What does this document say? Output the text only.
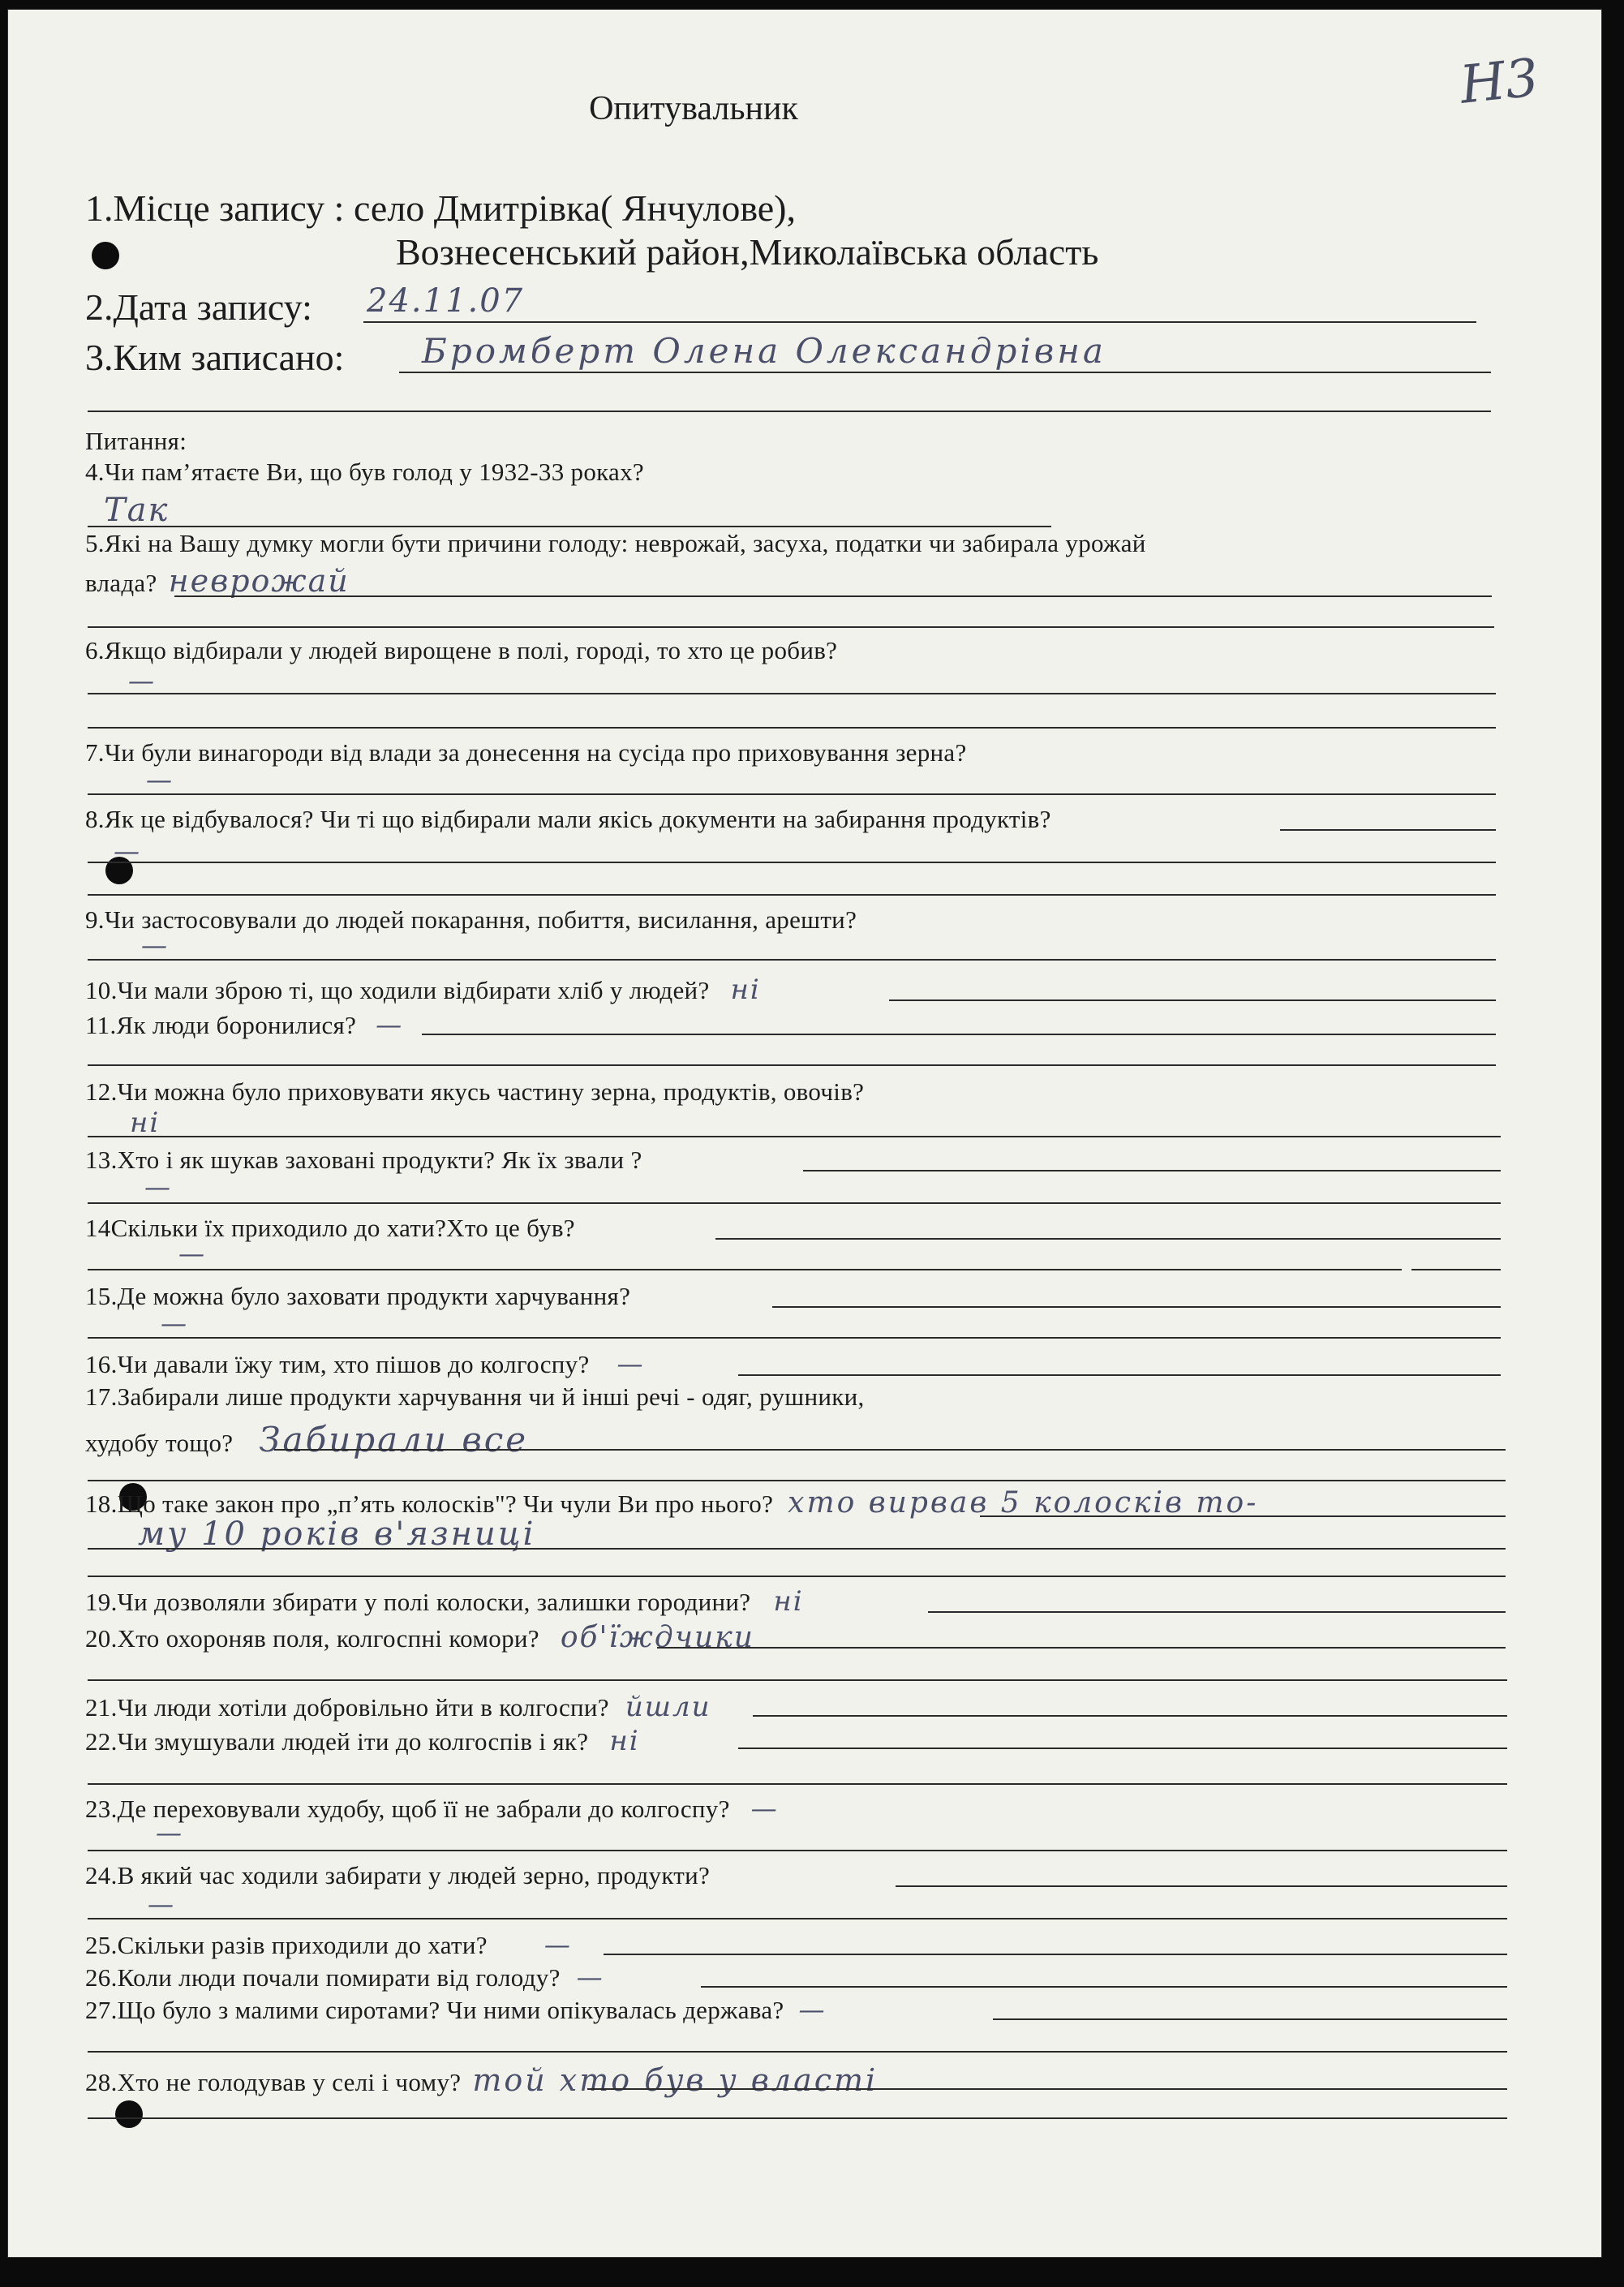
Опитувальник	Н3
1.Місце запису : село Дмитрівка( Янчулове),
Вознесенський район,Миколаївська область
2.Дата запису: 24.11.07
3.Ким записано: Бромберт Олена Олександрівна
Питання:
4.Чи пам’ятаєте Ви, що був голод у 1932-33 роках?
Так
5.Які на Вашу думку могли бути причини голоду: неврожай, засуха, податки чи забирала урожай
влада? неврожай
6.Якщо відбирали у людей вирощене в полі, городі, то хто це робив?
—
7.Чи були винагороди від влади за донесення на сусіда про приховування зерна?
—
8.Як це відбувалося? Чи ті що відбирали мали якісь документи на забирання продуктів?
—
9.Чи застосовували до людей покарання, побиття, висилання, арешти?
—
10.Чи мали зброю ті, що ходили відбирати хліб у людей? ні
11.Як люди боронилися? —
12.Чи можна було приховувати якусь частину зерна, продуктів, овочів?
ні
13.Хто і як шукав заховані продукти? Як їх звали ?
—
14Скільки їх приходило до хати?Хто це був?
—
15.Де можна було заховати продукти харчування?
—
16.Чи давали їжу тим, хто пішов до колгоспу? —
17.Забирали лише продукти харчування чи й інші речі - одяг, рушники,
худобу тощо? Забирали все
18.Що таке закон про „п’ять колосків"? Чи чули Ви про нього? хто вирвав 5 колосків то-
му 10 років в'язниці
19.Чи дозволяли збирати у полі колоски, залишки городини? ні
20.Хто охороняв поля, колгоспні комори? об'їждчики
21.Чи люди хотіли добровільно йти в колгоспи? йшли
22.Чи змушували людей іти до колгоспів і як? ні
23.Де переховували худобу, щоб її не забрали до колгоспу? —
—
24.В який час ходили забирати у людей зерно, продукти?
—
25.Скільки разів приходили до хати? —
26.Коли люди почали помирати від голоду? —
27.Що було з малими сиротами? Чи ними опікувалась держава? —
28.Хто не голодував у селі і чому? той хто був у власті
